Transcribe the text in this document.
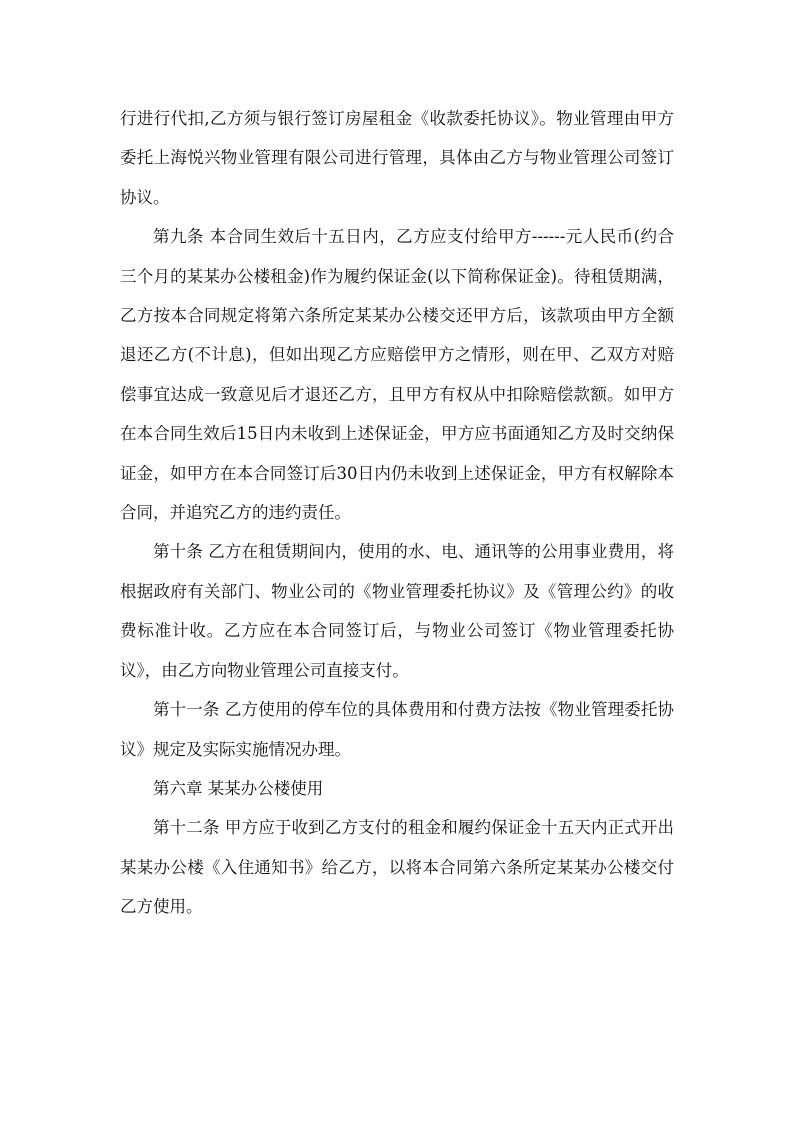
行进行代扣,乙方须与银行签订房屋租金《收款委托协议》。物业管理由甲方委托上海悦兴物业管理有限公司进行管理，具体由乙方与物业管理公司签订协议。

第九条 本合同生效后十五日内，乙方应支付给甲方------元人民币(约合三个月的某某办公楼租金)作为履约保证金(以下简称保证金)。待租赁期满，乙方按本合同规定将第六条所定某某办公楼交还甲方后，该款项由甲方全额退还乙方(不计息)，但如出现乙方应赔偿甲方之情形，则在甲、乙双方对赔偿事宜达成一致意见后才退还乙方，且甲方有权从中扣除赔偿款额。如甲方在本合同生效后15日内未收到上述保证金，甲方应书面通知乙方及时交纳保证金，如甲方在本合同签订后30日内仍未收到上述保证金，甲方有权解除本合同，并追究乙方的违约责任。

第十条 乙方在租赁期间内，使用的水、电、通讯等的公用事业费用，将根据政府有关部门、物业公司的《物业管理委托协议》及《管理公约》的收费标准计收。乙方应在本合同签订后，与物业公司签订《物业管理委托协议》，由乙方向物业管理公司直接支付。

第十一条 乙方使用的停车位的具体费用和付费方法按《物业管理委托协议》规定及实际实施情况办理。

第六章 某某办公楼使用

第十二条 甲方应于收到乙方支付的租金和履约保证金十五天内正式开出某某办公楼《入住通知书》给乙方，以将本合同第六条所定某某办公楼交付乙方使用。
